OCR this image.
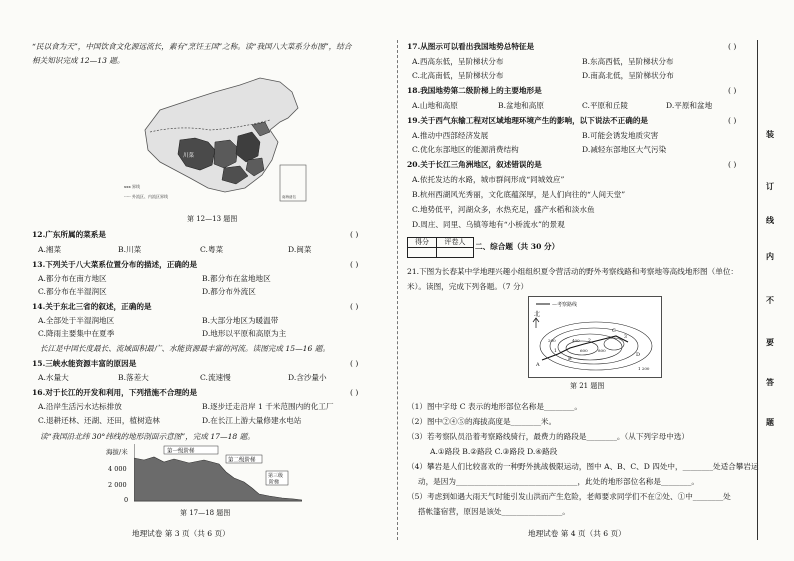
“民以食为天”，中国饮食文化源远流长，素有“烹饪王国”之称。读“我国八大菜系分布图”，结合
相关知识完成 12—13 题。
川菜
南海诸岛
xxx 界线
----- 外流区、内流区界线
第 12—13 题图
12.广东所属的菜系是	( )
A.湘菜	B.川菜	C.粤菜	D.闽菜
13.下列关于八大菜系位置分布的描述，正确的是	( )
A.都分布在南方地区	B.都分布在盆地地区
C.都分布在半湿润区	D.都分布外流区
14.关于东北三省的叙述，正确的是	( )
A.全部处于半湿润地区	B.大部分地区为暖温带
C.降雨主要集中在夏季	D.地形以平原和高原为主
长江是中国长度最长、流域面积最广、水能资源最丰富的河流。读图完成 15—16 题。
15.三峡水能资源丰富的原因是	( )
A.水量大	B.落差大	C.流速慢	D.含沙量小
16.对于长江的开发和利用，下列措施不合理的是	( )
A.沿岸生活污水达标排放	B.逐步迁走沿岸 1 千米范围内的化工厂
C.退耕还林、还湖、还田，植树造林	D.在长江上游大量修建水电站
读“我国沿北纬 30°纬线的地形剖面示意图”，完成 17—18 题。
海拔/米
4 000
2 000
0
第一级阶梯
第二级阶梯
第三级
阶梯
第 17—18 题图
地理试卷 第 3 页（共 6 页）
17.从图示可以看出我国地势总特征是	( )
A.西高东低，呈阶梯状分布	B.东高西低，呈阶梯状分布
C.北高南低，呈阶梯状分布	D.南高北低，呈阶梯状分布
18.我国地势第二级阶梯上的主要地形是	( )
A.山地和高原	B.盆地和高原	C.平原和丘陵	D.平原和盆地
19.关于西气东输工程对区域地理环境产生的影响，以下说法不正确的是	( )
A.推动中西部经济发展	B.可能会诱发地质灾害
C.优化东部地区的能源消费结构	D.减轻东部地区大气污染
20.关于长江三角洲地区，叙述错误的是	( )
A.依托发达的水路，城市群间形成“同城效应”
B.杭州西湖风光秀丽，文化底蕴深厚，是人们向往的“人间天堂”
C.地势低平，河湖众多，水热充足，盛产水稻和淡水鱼
D.周庄、同里、乌镇等地有“小桥流水”的景观
得分	评卷人

二、综合题（共 30 分）
21.下图为长春某中学地理兴趣小组组织夏令营活动的野外考察线路和考察地等高线地形图（单位：
米）。读图，完成下列各题。（7 分）
—考察路线
北
A
B
C
D
1
2
3
200	400
600	800
1 200
第 21 题图
（1）图中字母 C 表示的地形部位名称是________。
（2）图中②④⑤的海拔高度是________米。
（3）若考察队员沿着考察路线骑行，最费力的路段是________。（从下列字母中选）
A.①路段 B.②路段 C.③路段 D.④路段
（4）攀岩是人们比较喜欢的一种野外挑战极限运动，图中 A、B、C、D 四处中，________处适合攀岩运
动，是因为________________________________，此处的地形部位名称是________。
（5）考虑到如遇大雨天气时能引发山洪而产生危险，老师要求同学们不在②处、①中________处
搭帐篷宿营，原因是该处________________。
地理试卷 第 4 页（共 6 页）
装
订
线
内
不
要
答
题
